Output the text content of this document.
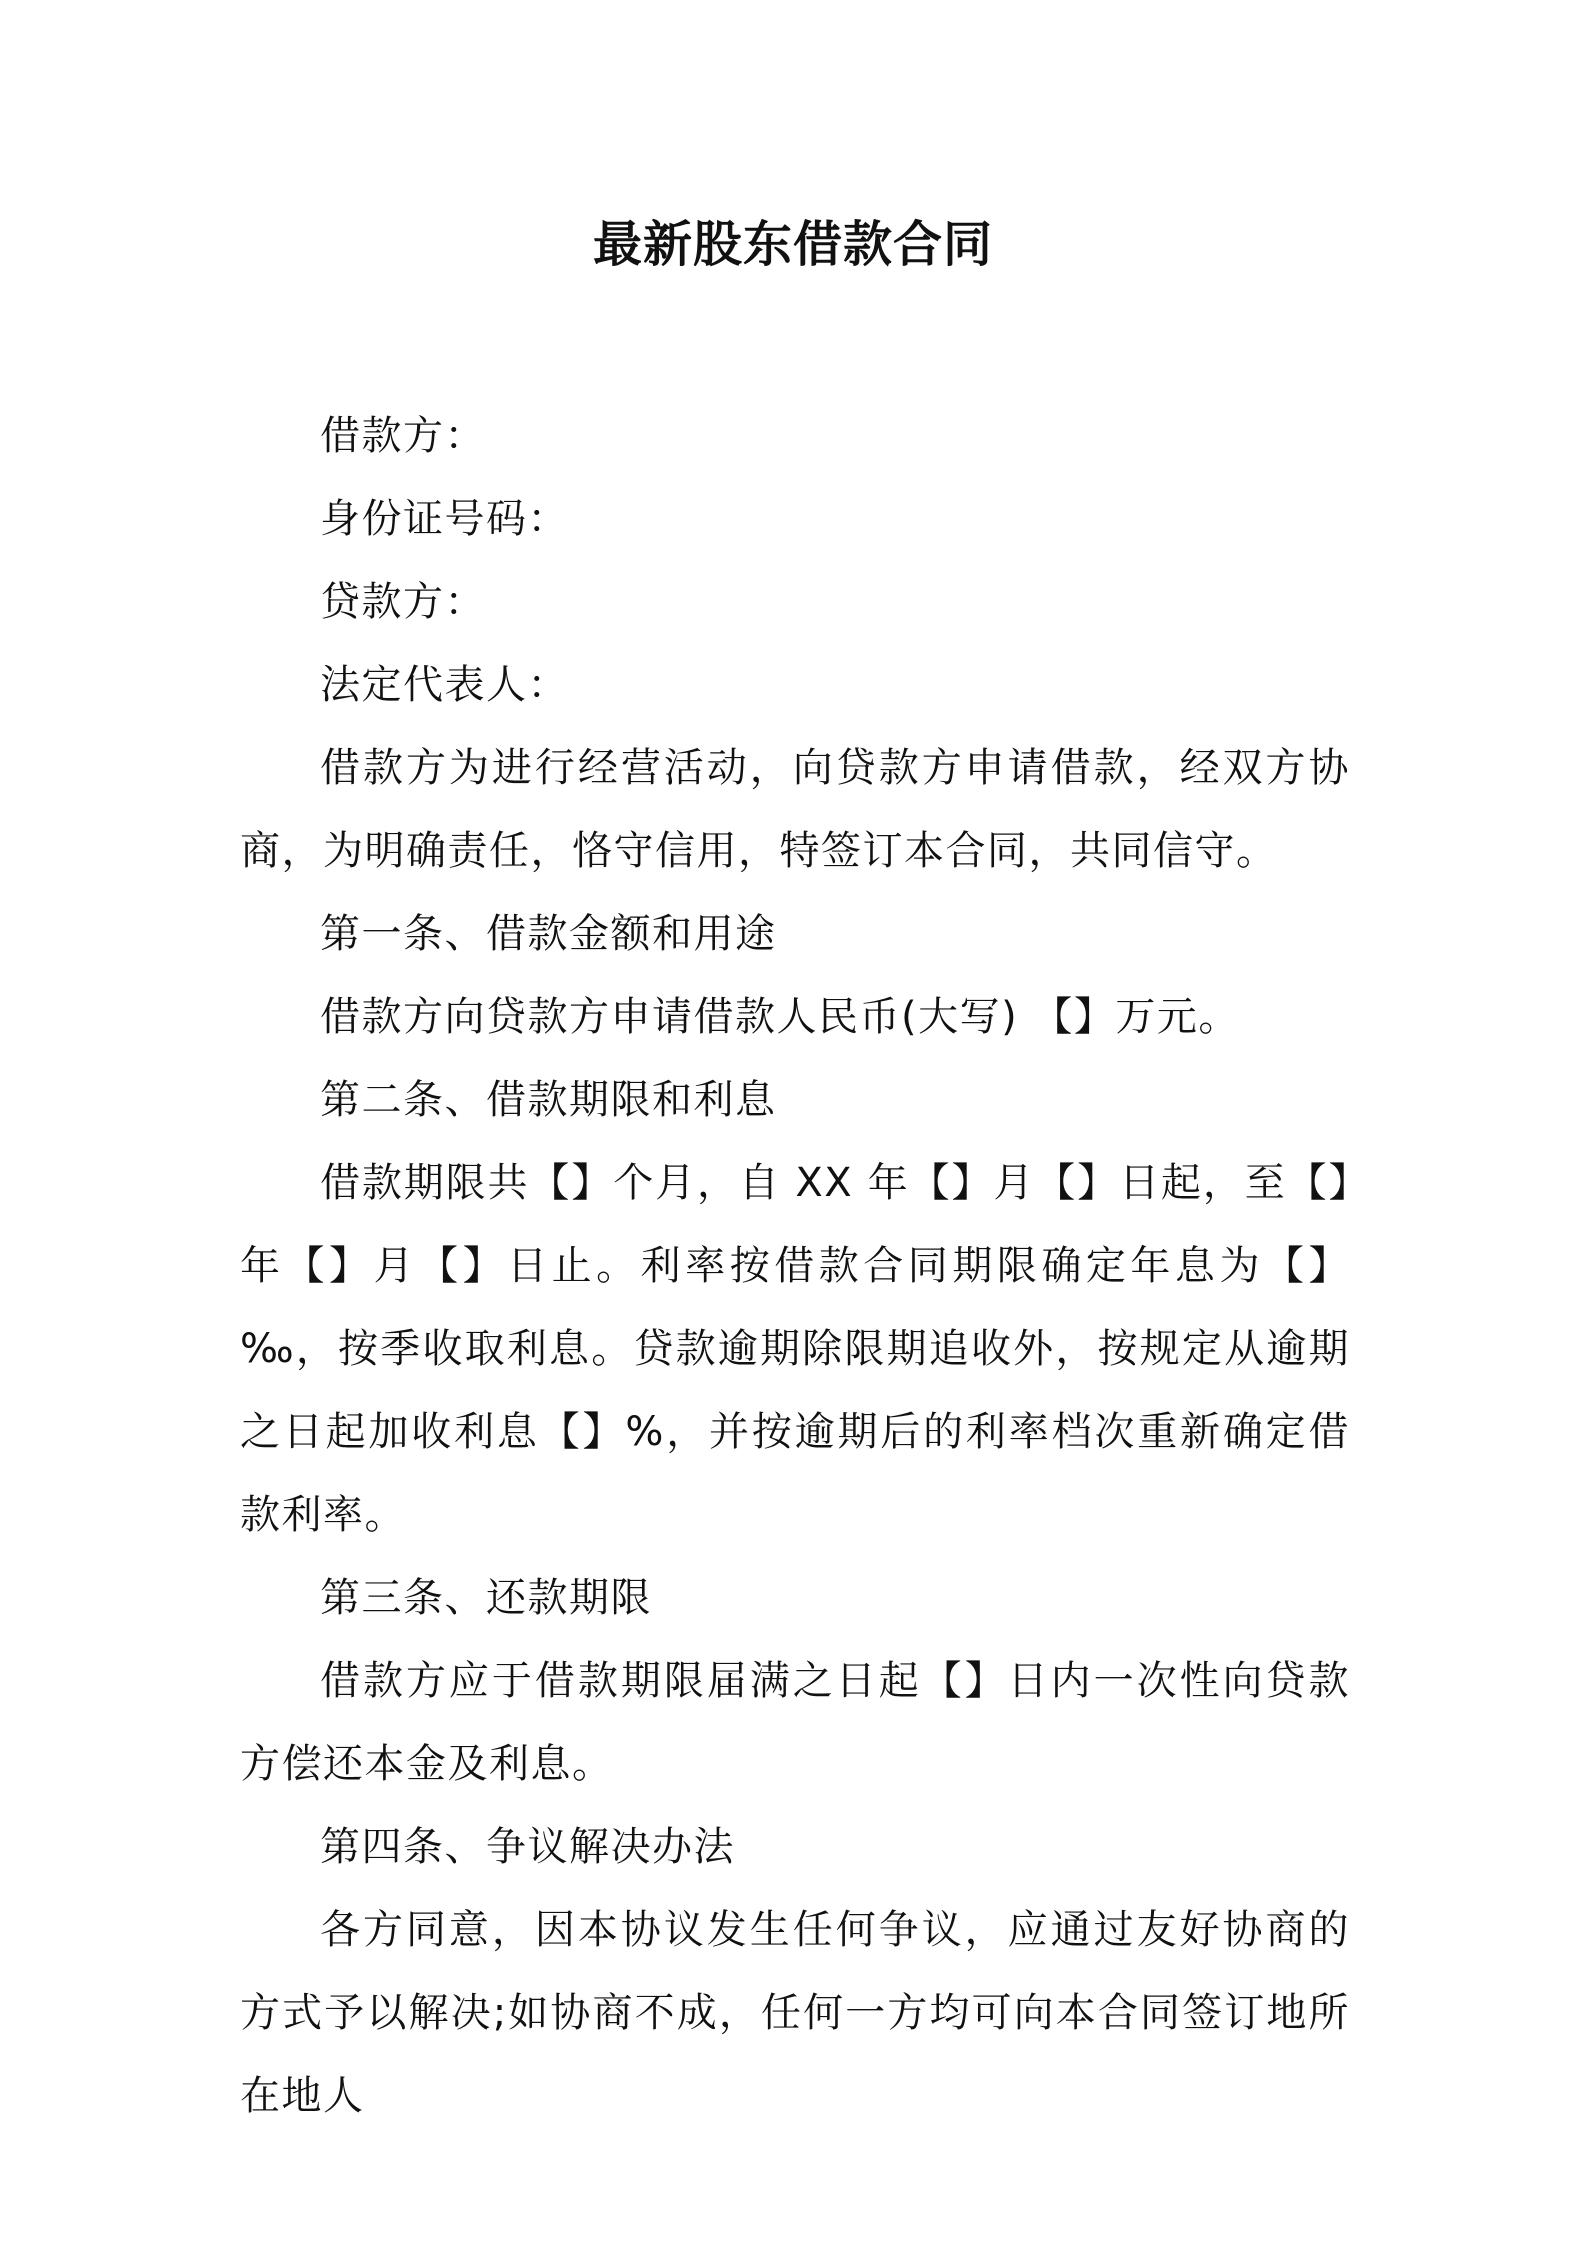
最新股东借款合同

借款方：

身份证号码：

贷款方：

法定代表人：

借款方为进行经营活动，向贷款方申请借款，经双方协商，为明确责任，恪守信用，特签订本合同，共同信守。

第一条、借款金额和用途

借款方向贷款方申请借款人民币(大写) 【】万元。

第二条、借款期限和利息

借款期限共【】个月，自 XX 年【】月【】日起，至【】年【】月【】日止。利率按借款合同期限确定年息为【】‰，按季收取利息。贷款逾期除限期追收外，按规定从逾期之日起加收利息【】%，并按逾期后的利率档次重新确定借款利率。

第三条、还款期限

借款方应于借款期限届满之日起【】日内一次性向贷款方偿还本金及利息。

第四条、争议解决办法

各方同意，因本协议发生任何争议，应通过友好协商的方式予以解决;如协商不成，任何一方均可向本合同签订地所在地人
